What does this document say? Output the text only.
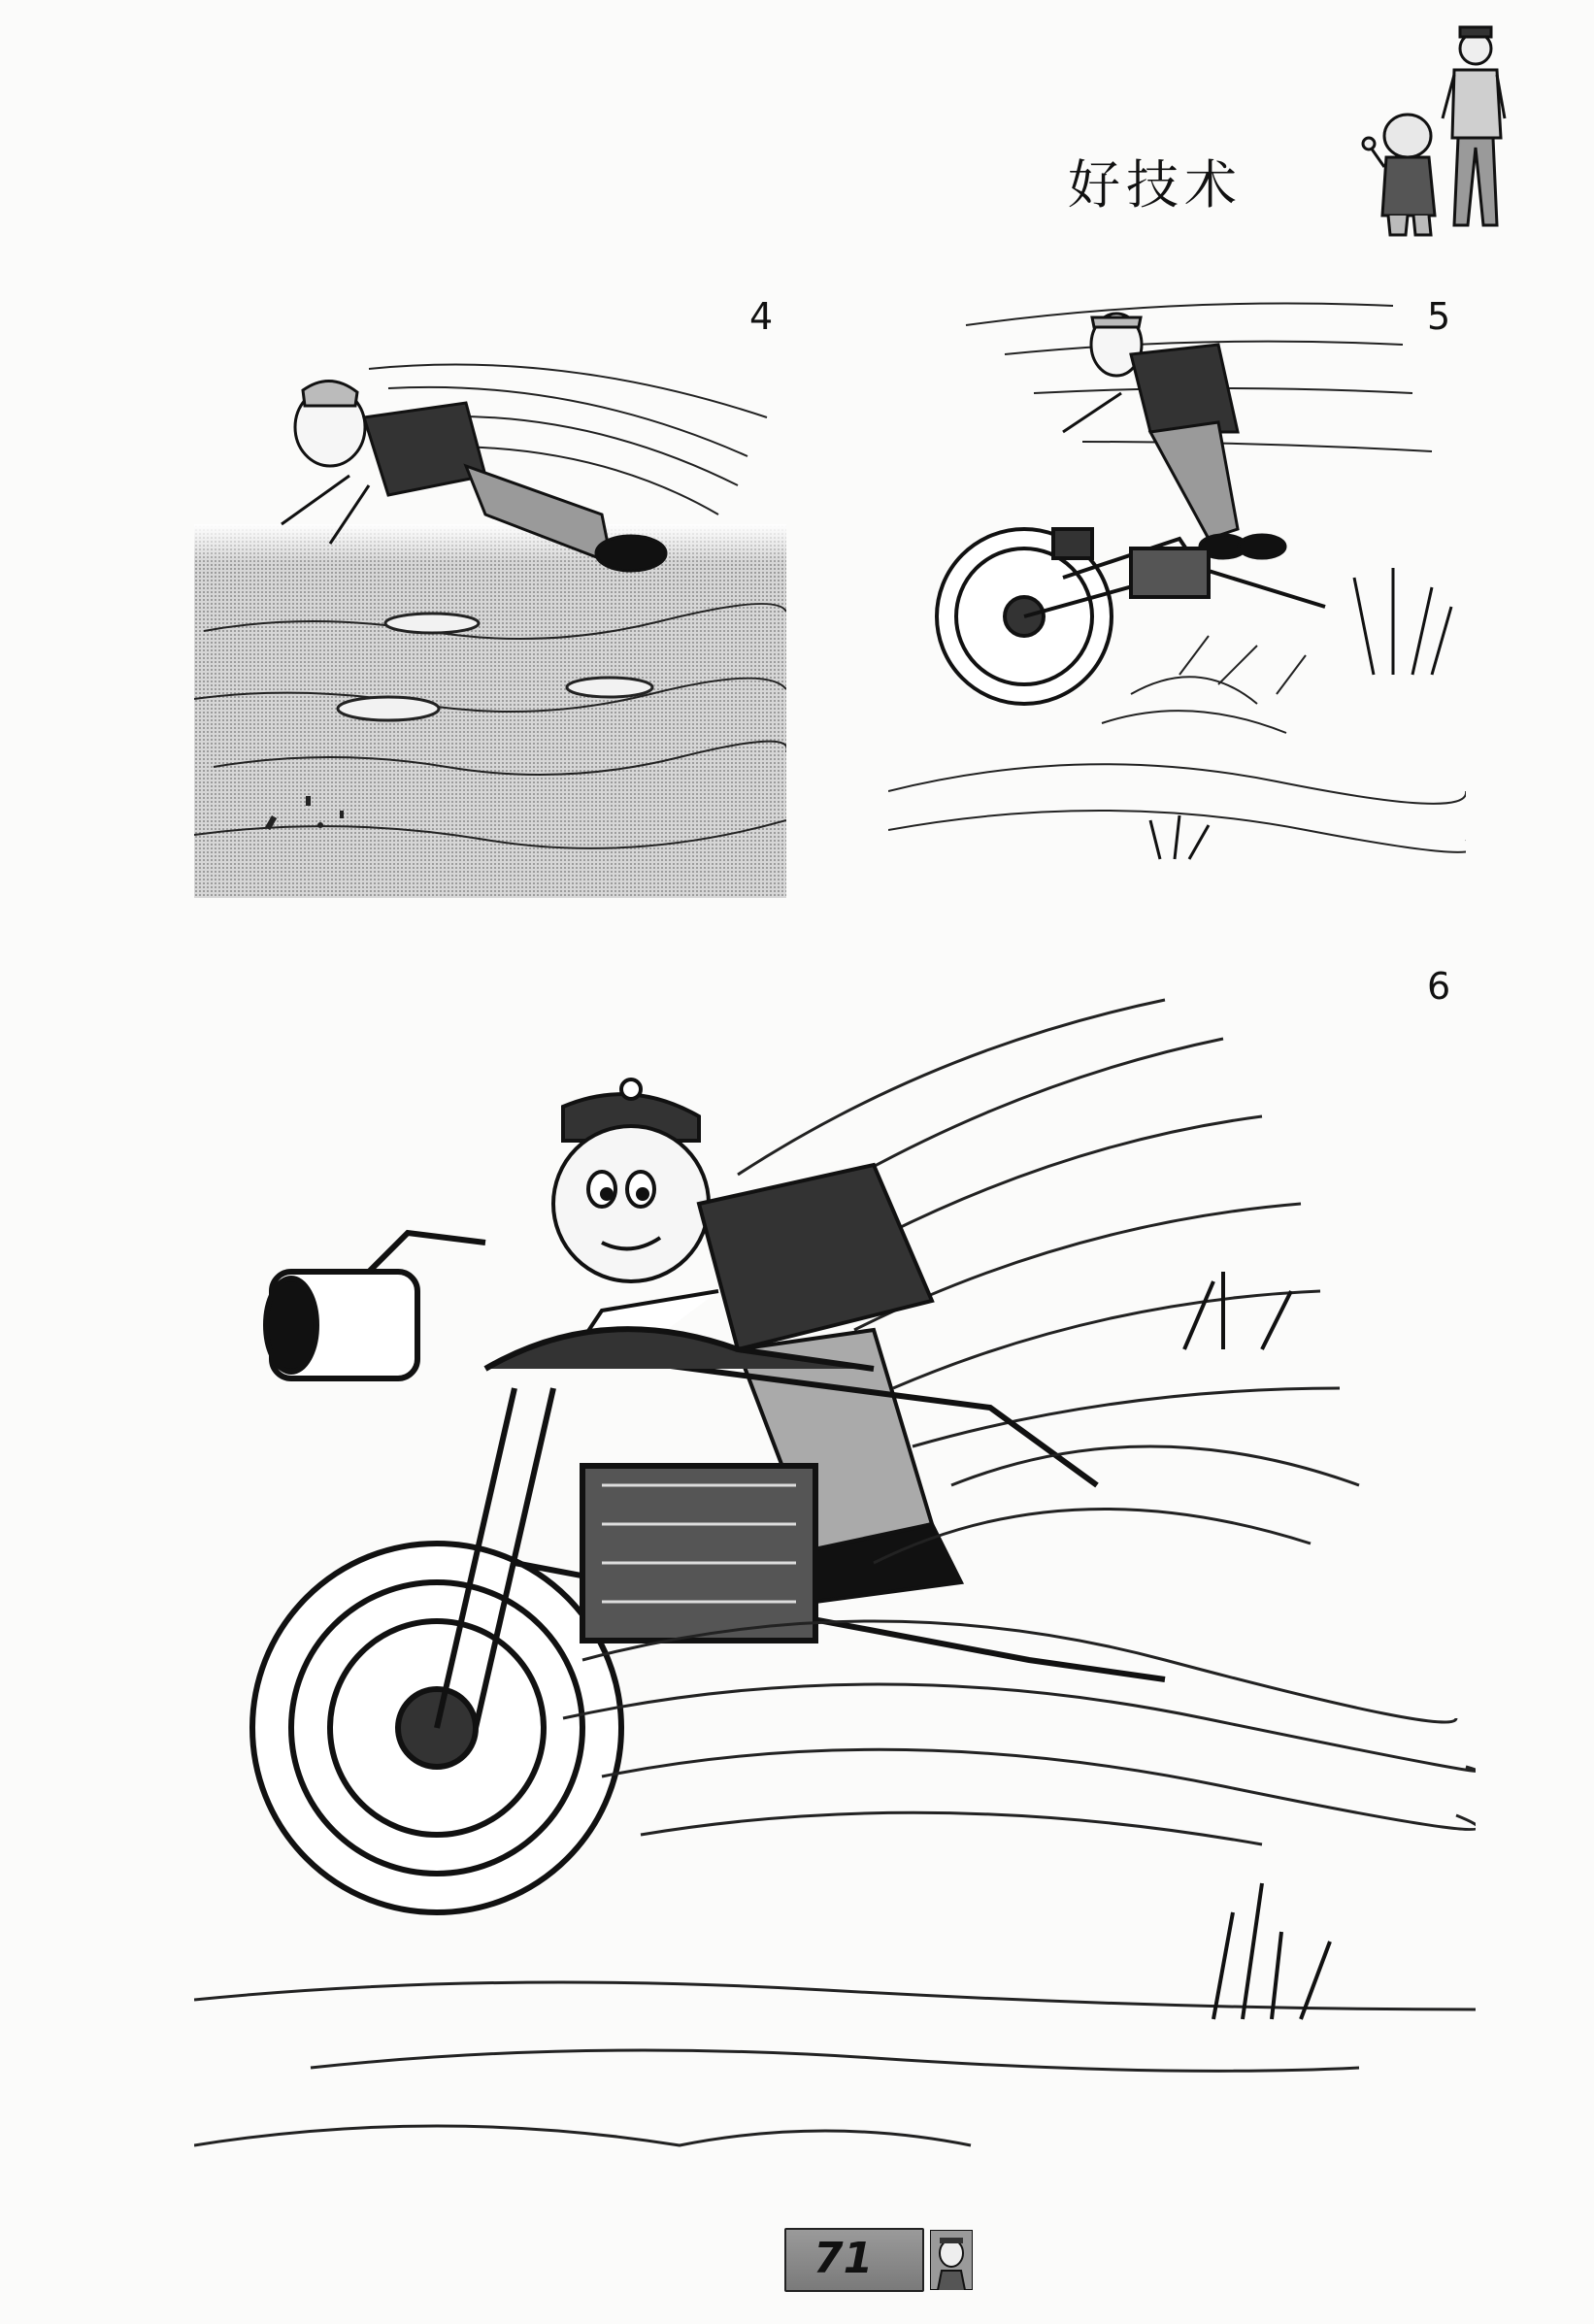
好技术
4	5
6
71
